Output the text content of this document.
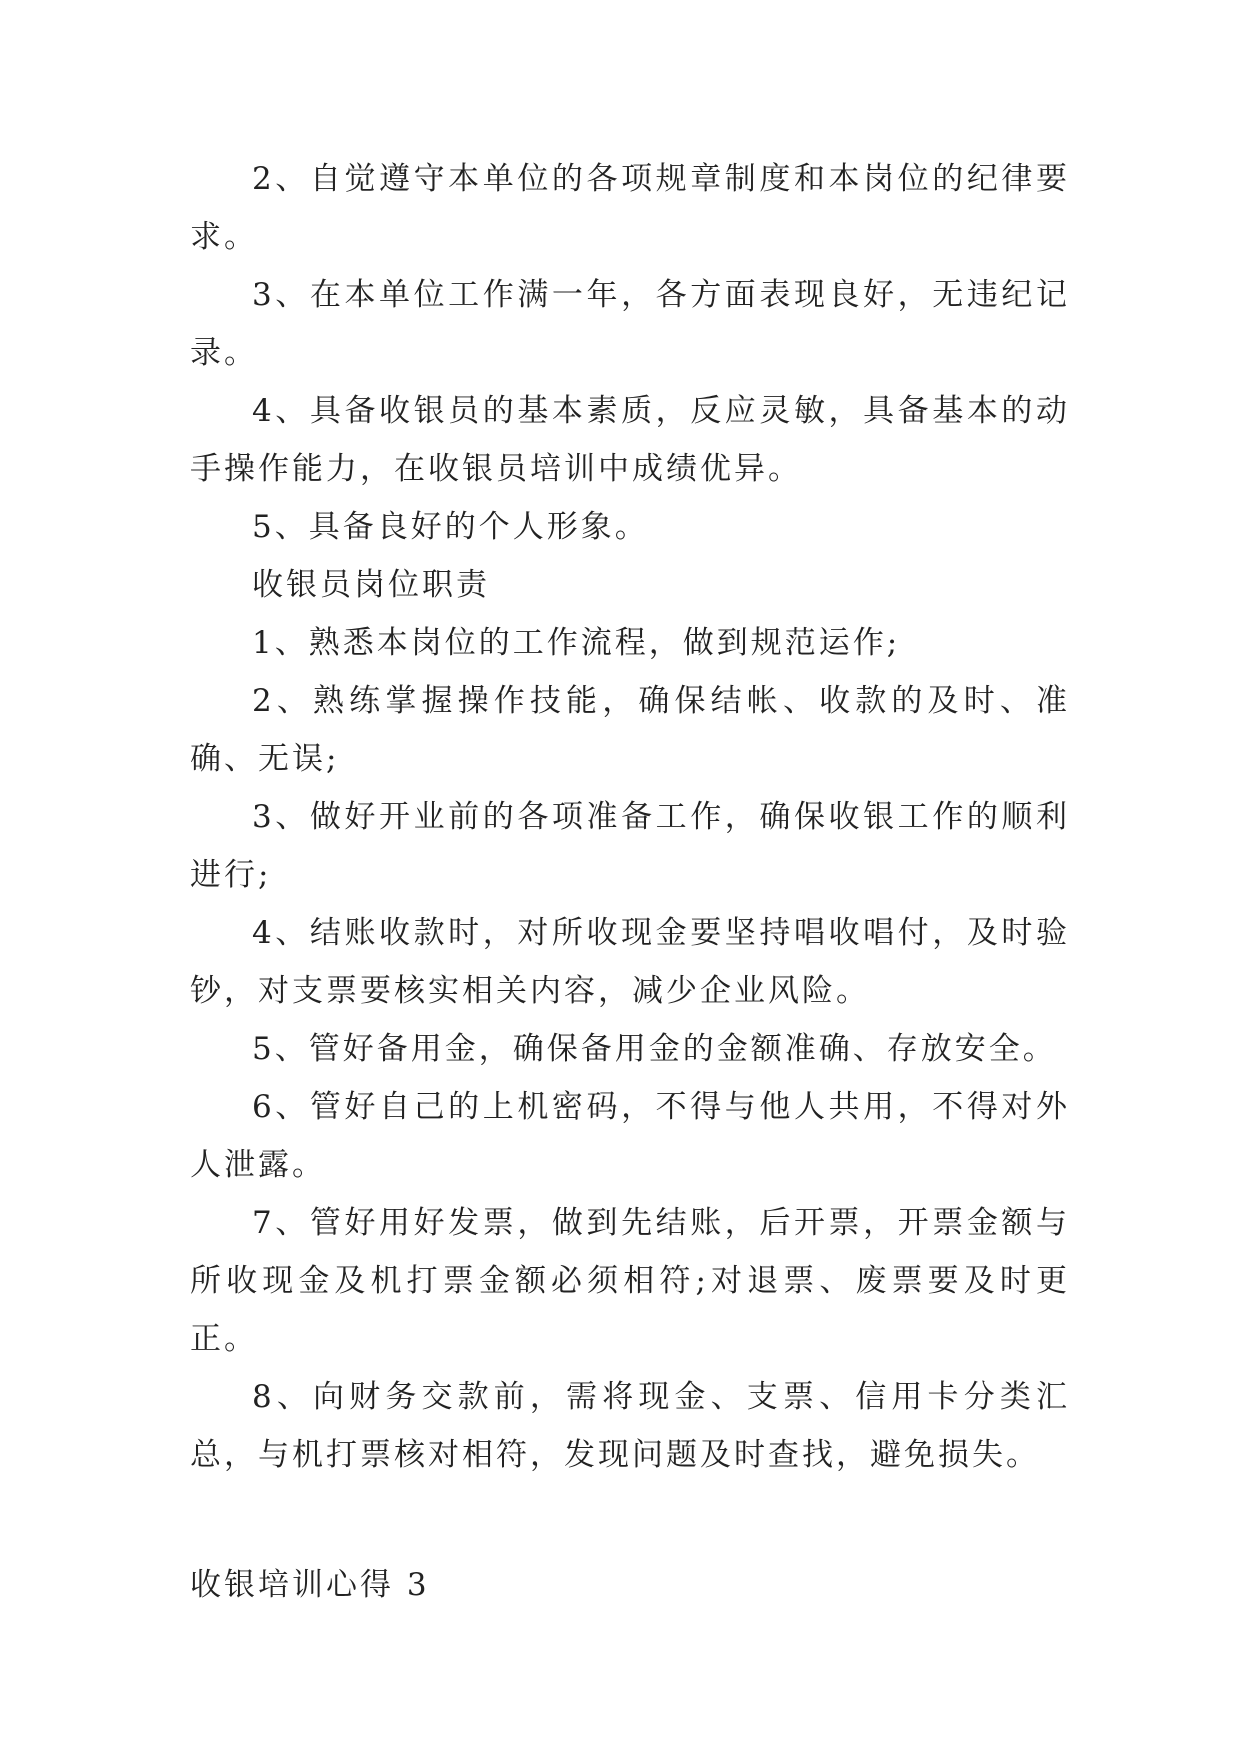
2、自觉遵守本单位的各项规章制度和本岗位的纪律要求。

3、在本单位工作满一年，各方面表现良好，无违纪记录。

4、具备收银员的基本素质，反应灵敏，具备基本的动手操作能力，在收银员培训中成绩优异。

5、具备良好的个人形象。

收银员岗位职责

1、熟悉本岗位的工作流程，做到规范运作;

2、熟练掌握操作技能，确保结帐、收款的及时、准确、无误;

3、做好开业前的各项准备工作，确保收银工作的顺利进行;

4、结账收款时，对所收现金要坚持唱收唱付，及时验钞，对支票要核实相关内容，减少企业风险。

5、管好备用金，确保备用金的金额准确、存放安全。

6、管好自己的上机密码，不得与他人共用，不得对外人泄露。

7、管好用好发票，做到先结账，后开票，开票金额与所收现金及机打票金额必须相符;对退票、废票要及时更正。

8、向财务交款前，需将现金、支票、信用卡分类汇总，与机打票核对相符，发现问题及时查找，避免损失。

收银培训心得 3
